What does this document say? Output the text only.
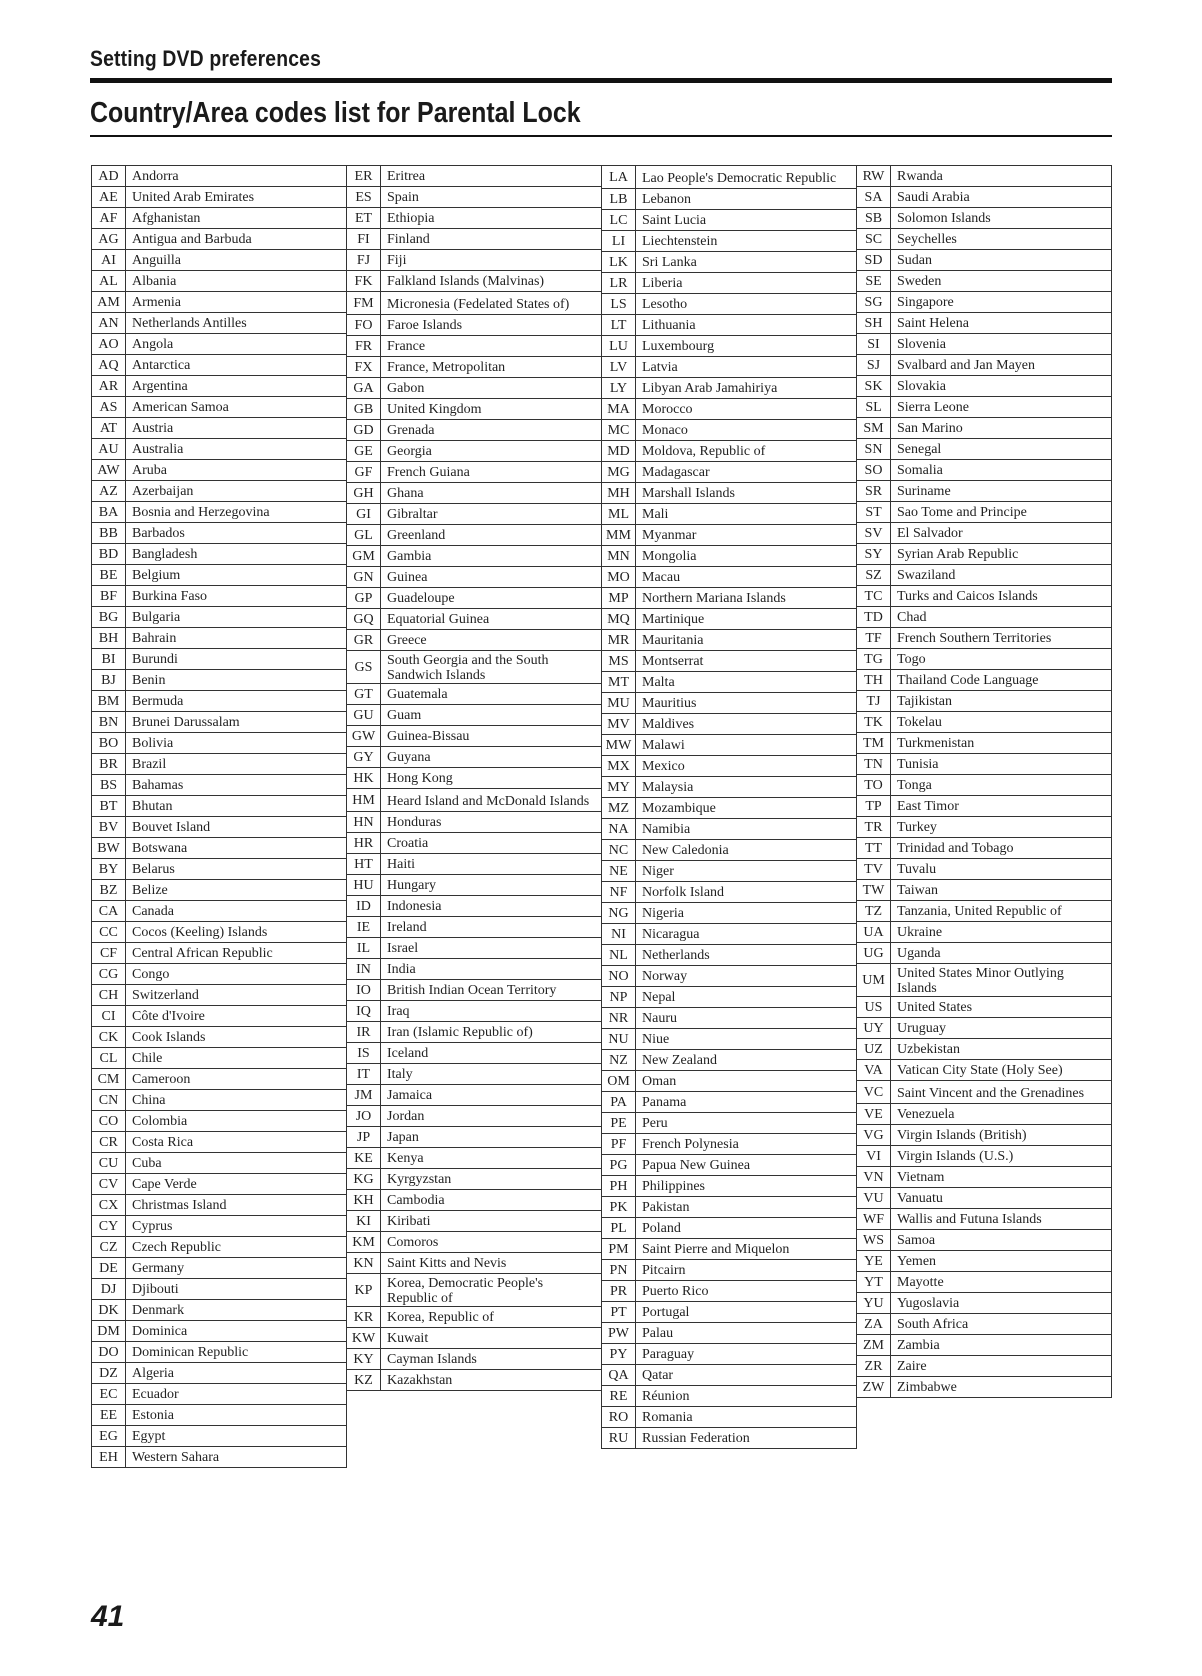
Setting DVD preferences
Country/Area codes list for Parental Lock
AD	Andorra
AE	United Arab Emirates
AF	Afghanistan
AG	Antigua and Barbuda
AI	Anguilla
AL	Albania
AM	Armenia
AN	Netherlands Antilles
AO	Angola
AQ	Antarctica
AR	Argentina
AS	American Samoa
AT	Austria
AU	Australia
AW	Aruba
AZ	Azerbaijan
BA	Bosnia and Herzegovina
BB	Barbados
BD	Bangladesh
BE	Belgium
BF	Burkina Faso
BG	Bulgaria
BH	Bahrain
BI	Burundi
BJ	Benin
BM	Bermuda
BN	Brunei Darussalam
BO	Bolivia
BR	Brazil
BS	Bahamas
BT	Bhutan
BV	Bouvet Island
BW	Botswana
BY	Belarus
BZ	Belize
CA	Canada
CC	Cocos (Keeling) Islands
CF	Central African Republic
CG	Congo
CH	Switzerland
CI	Côte d'Ivoire
CK	Cook Islands
CL	Chile
CM	Cameroon
CN	China
CO	Colombia
CR	Costa Rica
CU	Cuba
CV	Cape Verde
CX	Christmas Island
CY	Cyprus
CZ	Czech Republic
DE	Germany
DJ	Djibouti
DK	Denmark
DM	Dominica
DO	Dominican Republic
DZ	Algeria
EC	Ecuador
EE	Estonia
EG	Egypt
EH	Western Sahara
ER	Eritrea
ES	Spain
ET	Ethiopia
FI	Finland
FJ	Fiji
FK	Falkland Islands (Malvinas)
FM	Micronesia (Fedelated States of)

FO	Faroe Islands
FR	France
FX	France, Metropolitan
GA	Gabon
GB	United Kingdom
GD	Grenada
GE	Georgia
GF	French Guiana
GH	Ghana
GI	Gibraltar
GL	Greenland
GM	Gambia
GN	Guinea
GP	Guadeloupe
GQ	Equatorial Guinea
GR	Greece
GS	South Georgia and the South Sandwich Islands

GT	Guatemala
GU	Guam
GW	Guinea-Bissau
GY	Guyana
HK	Hong Kong
HM	Heard Island and McDonald Islands

HN	Honduras
HR	Croatia
HT	Haiti
HU	Hungary
ID	Indonesia
IE	Ireland
IL	Israel
IN	India
IO	British Indian Ocean Territory
IQ	Iraq
IR	Iran (Islamic Republic of)
IS	Iceland
IT	Italy
JM	Jamaica
JO	Jordan
JP	Japan
KE	Kenya
KG	Kyrgyzstan
KH	Cambodia
KI	Kiribati
KM	Comoros
KN	Saint Kitts and Nevis
KP	Korea, Democratic People's Republic of

KR	Korea, Republic of
KW	Kuwait
KY	Cayman Islands
KZ	Kazakhstan
LA	Lao People's Democratic Republic

LB	Lebanon
LC	Saint Lucia
LI	Liechtenstein
LK	Sri Lanka
LR	Liberia
LS	Lesotho
LT	Lithuania
LU	Luxembourg
LV	Latvia
LY	Libyan Arab Jamahiriya
MA	Morocco
MC	Monaco
MD	Moldova, Republic of
MG	Madagascar
MH	Marshall Islands
ML	Mali
MM	Myanmar
MN	Mongolia
MO	Macau
MP	Northern Mariana Islands
MQ	Martinique
MR	Mauritania
MS	Montserrat
MT	Malta
MU	Mauritius
MV	Maldives
MW	Malawi
MX	Mexico
MY	Malaysia
MZ	Mozambique
NA	Namibia
NC	New Caledonia
NE	Niger
NF	Norfolk Island
NG	Nigeria
NI	Nicaragua
NL	Netherlands
NO	Norway
NP	Nepal
NR	Nauru
NU	Niue
NZ	New Zealand
OM	Oman
PA	Panama
PE	Peru
PF	French Polynesia
PG	Papua New Guinea
PH	Philippines
PK	Pakistan
PL	Poland
PM	Saint Pierre and Miquelon
PN	Pitcairn
PR	Puerto Rico
PT	Portugal
PW	Palau
PY	Paraguay
QA	Qatar
RE	Réunion
RO	Romania
RU	Russian Federation
RW	Rwanda
SA	Saudi Arabia
SB	Solomon Islands
SC	Seychelles
SD	Sudan
SE	Sweden
SG	Singapore
SH	Saint Helena
SI	Slovenia
SJ	Svalbard and Jan Mayen
SK	Slovakia
SL	Sierra Leone
SM	San Marino
SN	Senegal
SO	Somalia
SR	Suriname
ST	Sao Tome and Principe
SV	El Salvador
SY	Syrian Arab Republic
SZ	Swaziland
TC	Turks and Caicos Islands
TD	Chad
TF	French Southern Territories
TG	Togo
TH	Thailand Code Language
TJ	Tajikistan
TK	Tokelau
TM	Turkmenistan
TN	Tunisia
TO	Tonga
TP	East Timor
TR	Turkey
TT	Trinidad and Tobago
TV	Tuvalu
TW	Taiwan
TZ	Tanzania, United Republic of
UA	Ukraine
UG	Uganda
UM	United States Minor Outlying Islands

US	United States
UY	Uruguay
UZ	Uzbekistan
VA	Vatican City State (Holy See)
VC	Saint Vincent and the Grenadines

VE	Venezuela
VG	Virgin Islands (British)
VI	Virgin Islands (U.S.)
VN	Vietnam
VU	Vanuatu
WF	Wallis and Futuna Islands
WS	Samoa
YE	Yemen
YT	Mayotte
YU	Yugoslavia
ZA	South Africa
ZM	Zambia
ZR	Zaire
ZW	Zimbabwe
41
